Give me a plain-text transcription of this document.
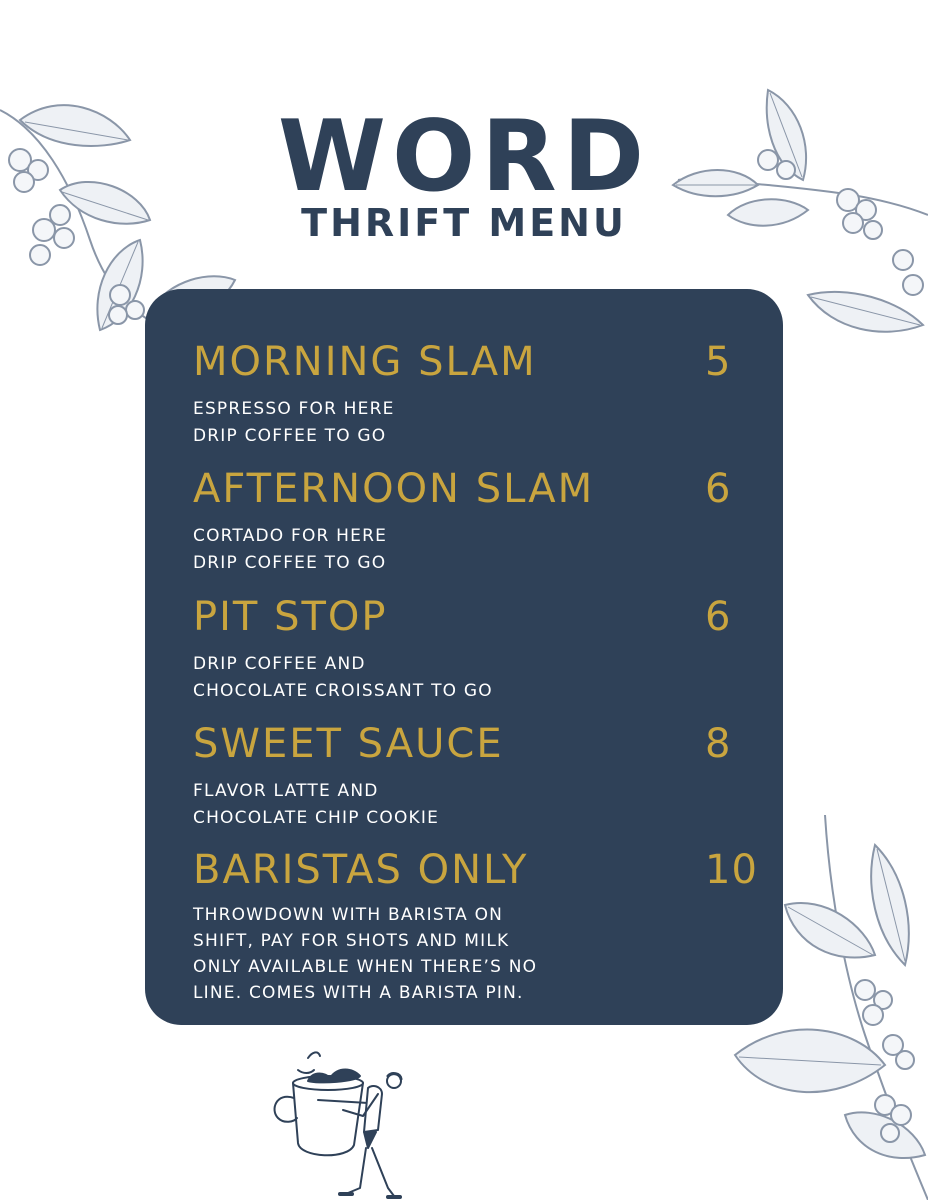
WORD
THRIFT MENU
MORNING SLAM	5
ESPRESSO FOR HERE
DRIP COFFEE TO GO
AFTERNOON SLAM	6
CORTADO FOR HERE
DRIP COFFEE TO GO
PIT STOP	6
DRIP COFFEE AND
CHOCOLATE CROISSANT TO GO
SWEET SAUCE	8
FLAVOR LATTE AND
CHOCOLATE CHIP COOKIE
BARISTAS ONLY	10
THROWDOWN WITH BARISTA ON
SHIFT, PAY FOR SHOTS AND MILK
ONLY AVAILABLE WHEN THERE’S NO
LINE. COMES WITH A BARISTA PIN.
